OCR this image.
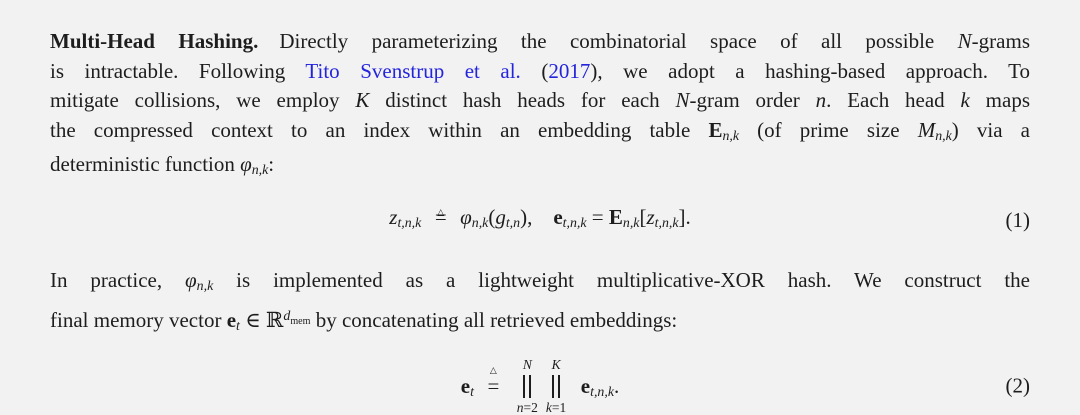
Multi-Head Hashing.  Directly parameterizing the combinatorial space of all possible N-grams
is intractable. Following Tito Svenstrup et al. (2017), we adopt a hashing-based approach. To
mitigate collisions, we employ K distinct hash heads for each N-gram order n. Each head k maps
the compressed context to an index within an embedding table $E_{n,k}$ (of prime size $M_{n,k}$) via a
deterministic function $\varphi_{n,k}$:
$z_{t,n,k}$  △ =  $\varphi_{n,k}(g_{t,n})$,  $e_{t,n,k} = E_{n,k}[z_{t,n,k}]$.	(1)
In practice, $\varphi_{n,k}$ is implemented as a lightweight multiplicative-XOR hash. We construct the
final memory vector $e_t$ ∈ ℝ$^d$mem by concatenating all retrieved embeddings:
$e_t$  △ = 
N
n=2
K
k=1
 $e_{t,n,k}$.	(2)
